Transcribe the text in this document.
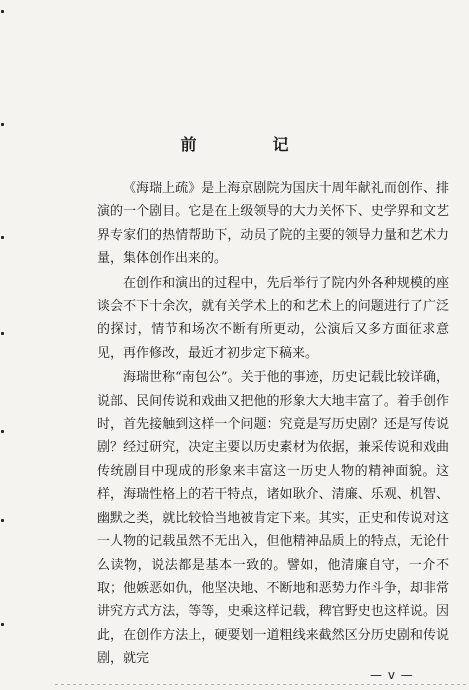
前　记

《海瑞上疏》是上海京剧院为国庆十周年献礼而创作、排演的一个剧目。它是在上级领导的大力关怀下、史学界和文艺界专家们的热情帮助下，动员了院的主要的领导力量和艺术力量，集体创作出来的。

在创作和演出的过程中，先后举行了院内外各种规模的座谈会不下十余次，就有关学术上的和艺术上的问题进行了广泛的探讨，情节和场次不断有所更动，公演后又多方面征求意见，再作修改，最近才初步定下稿来。

海瑞世称“南包公”。关于他的事迹，历史记载比较详确，说部、民间传说和戏曲又把他的形象大大地丰富了。着手创作时，首先接触到这样一个问题：究竟是写历史剧？还是写传说剧？经过研究，决定主要以历史素材为依据，兼采传说和戏曲传统剧目中现成的形象来丰富这一历史人物的精神面貌。这样，海瑞性格上的若干特点，诸如耿介、清廉、乐观、机智、幽默之类，就比较恰当地被肯定下来。其实，正史和传说对这一人物的记载虽然不无出入，但他精神品质上的特点，无论什么读物，说法都是基本一致的。譬如，他清廉自守，一介不取；他嫉恶如仇，他坚决地、不断地和恶势力作斗争，却非常讲究方式方法，等等，史乘这样记载，稗官野史也这样说。因此，在创作方法上，硬要划一道粗线来截然区分历史剧和传说剧，就完

— v —
